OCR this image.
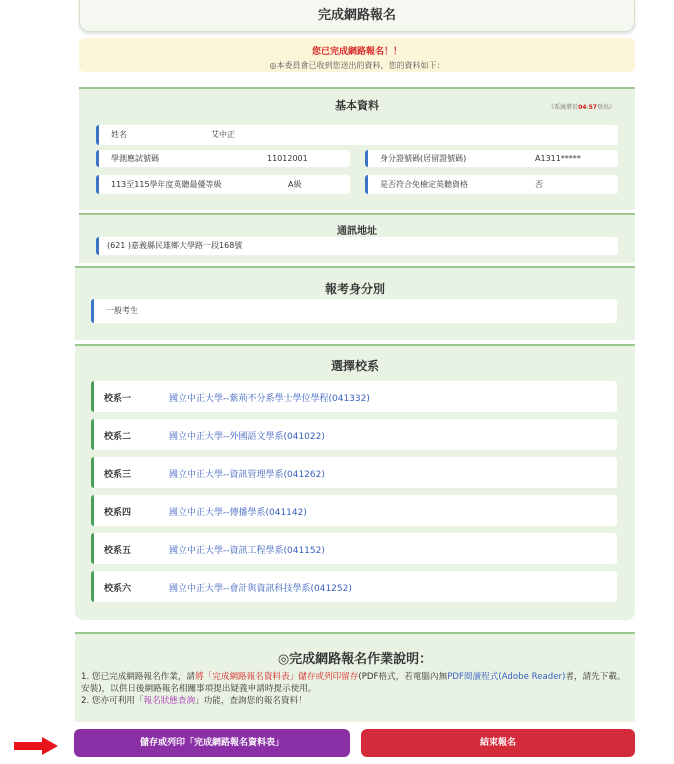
完成網路報名
您已完成網路報名！！
◎本委員會已收到您送出的資料，您的資料如下：
基本資料	《系統將於04:57登出》
姓名	艾中正
學測應試號碼	11012001	身分證號碼(居留證號碼)	A1311*****
113至115學年度英聽最優等級	A級	是否符合免檢定英聽資格	否
通訊地址
(621 )嘉義縣民雄鄉大學路一段168號
報考身分別
一般考生
選擇校系
校系一	國立中正大學--紫荊不分系學士學位學程(041332)
校系二	國立中正大學--外國語文學系(041022)
校系三	國立中正大學--資訊管理學系(041262)
校系四	國立中正大學--傳播學系(041142)
校系五	國立中正大學--資訊工程學系(041152)
校系六	國立中正大學--會計與資訊科技學系(041252)
◎完成網路報名作業說明：
1. 您已完成網路報名作業，請將「完成網路報名資料表」儲存或列印留存(PDF格式，若電腦內無PDF閱讀程式(Adobe Reader)者，請先下載、安裝)，以供日後網路報名相關事項提出疑義申請時提示使用。
2. 您亦可利用「報名狀態查詢」功能，查詢您的報名資料！
儲存或列印「完成網路報名資料表」	結束報名
